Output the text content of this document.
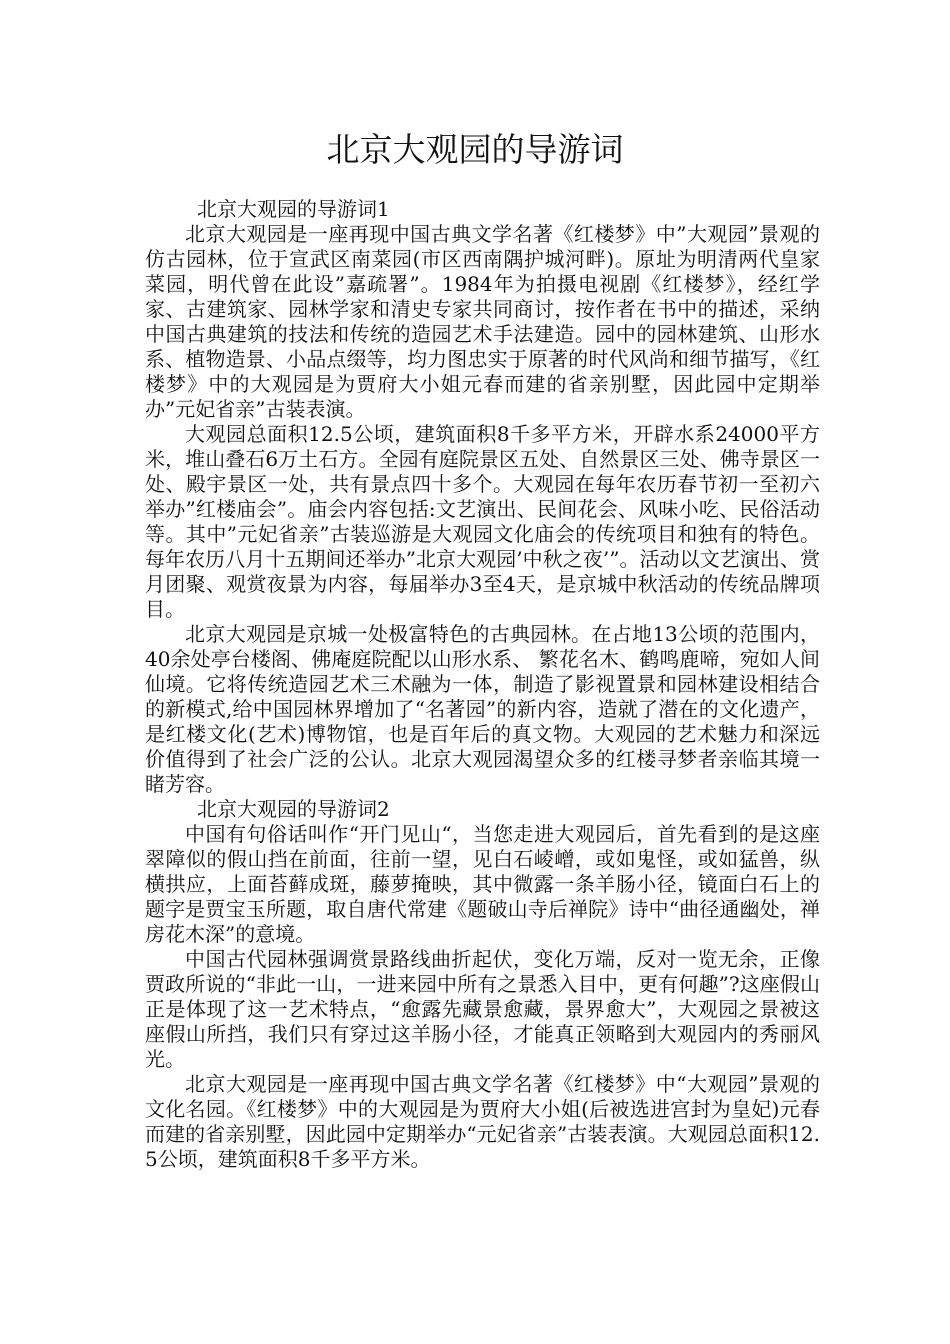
北京大观园的导游词

北京大观园的导游词1

北京大观园是一座再现中国古典文学名著《红楼梦》中”大观园”景观的仿古园林，位于宣武区南菜园(市区西南隅护城河畔)。原址为明清两代皇家菜园，明代曾在此设”嘉疏署”。1984年为拍摄电视剧《红楼梦》，经红学家、古建筑家、园林学家和清史专家共同商讨，按作者在书中的描述，采纳中国古典建筑的技法和传统的造园艺术手法建造。园中的园林建筑、山形水系、植物造景、小品点缀等，均力图忠实于原著的时代风尚和细节描写，《红楼梦》中的大观园是为贾府大小姐元春而建的省亲别墅，因此园中定期举办”元妃省亲”古装表演。

大观园总面积12.5公顷，建筑面积8千多平方米，开辟水系24000平方米，堆山叠石6万土石方。全园有庭院景区五处、自然景区三处、佛寺景区一处、殿宇景区一处，共有景点四十多个。大观园在每年农历春节初一至初六举办”红楼庙会”。庙会内容包括:文艺演出、民间花会、风味小吃、民俗活动等。其中”元妃省亲”古装巡游是大观园文化庙会的传统项目和独有的特色。每年农历八月十五期间还举办”北京大观园’中秋之夜’”。活动以文艺演出、赏月团聚、观赏夜景为内容，每届举办3至4天，是京城中秋活动的传统品牌项目。

北京大观园是京城一处极富特色的古典园林。在占地13公顷的范围内，40余处亭台楼阁、佛庵庭院配以山形水系、 繁花名木、鹤鸣鹿啼，宛如人间仙境。它将传统造园艺术三术融为一体，制造了影视置景和园林建设相结合的新模式,给中国园林界增加了“名著园”的新内容，造就了潜在的文化遗产，是红楼文化(艺术)博物馆，也是百年后的真文物。大观园的艺术魅力和深远价值得到了社会广泛的公认。北京大观园渴望众多的红楼寻梦者亲临其境一睹芳容。

北京大观园的导游词2

中国有句俗话叫作“开门见山“，当您走进大观园后，首先看到的是这座翠障似的假山挡在前面，往前一望，见白石崚嶒，或如鬼怪，或如猛兽，纵横拱应，上面苔藓成斑，藤萝掩映，其中微露一条羊肠小径，镜面白石上的题字是贾宝玉所题，取自唐代常建《题破山寺后禅院》诗中“曲径通幽处，禅房花木深”的意境。

中国古代园林强调赏景路线曲折起伏，变化万端，反对一览无余，正像贾政所说的“非此一山，一进来园中所有之景悉入目中，更有何趣”?这座假山正是体现了这一艺术特点，“愈露先藏景愈藏，景界愈大”，大观园之景被这座假山所挡，我们只有穿过这羊肠小径，才能真正领略到大观园内的秀丽风光。

北京大观园是一座再现中国古典文学名著《红楼梦》中“大观园”景观的文化名园。《红楼梦》中的大观园是为贾府大小姐(后被选进宫封为皇妃)元春而建的省亲别墅，因此园中定期举办“元妃省亲”古装表演。大观园总面积12.5公顷，建筑面积8千多平方米。
